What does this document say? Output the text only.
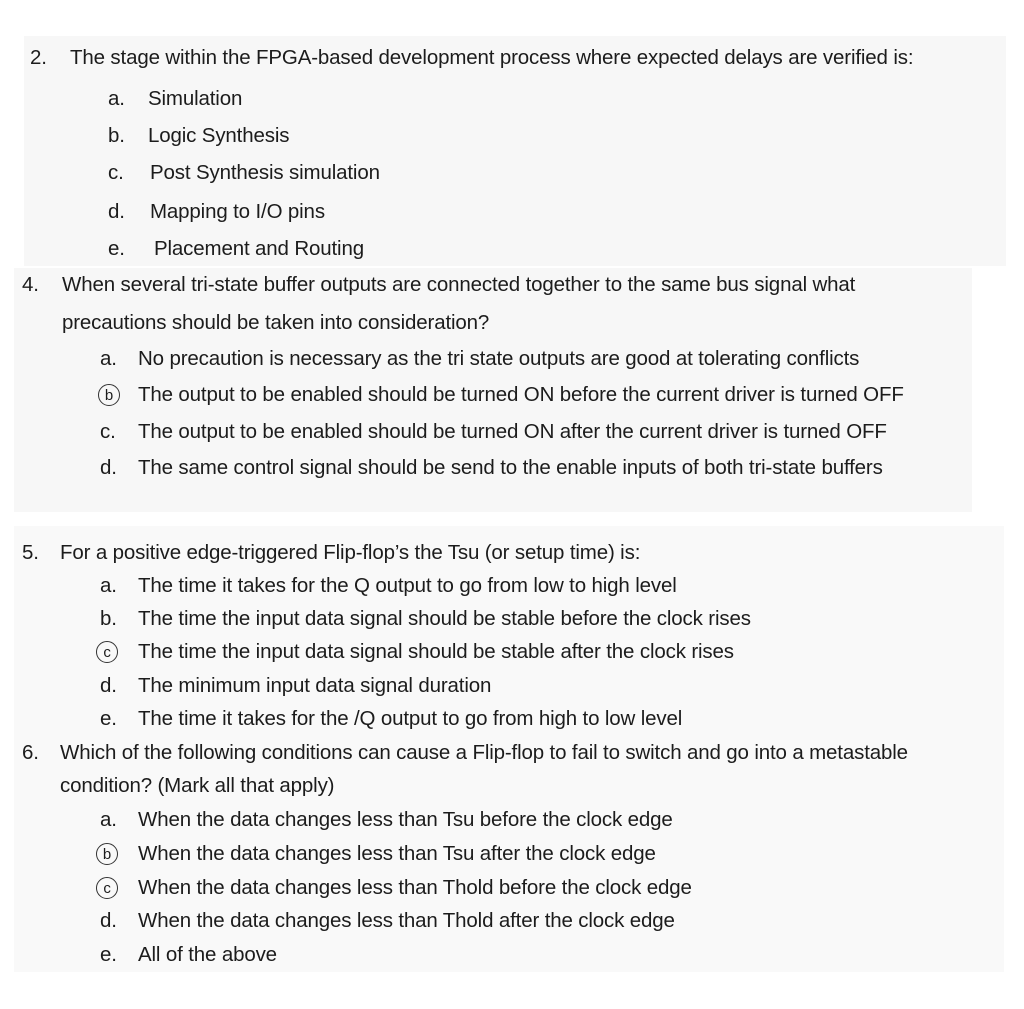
2. The stage within the FPGA-based development process where expected delays are verified is:
a. Simulation
b. Logic Synthesis
c. Post Synthesis simulation
d. Mapping to I/O pins
e. Placement and Routing
4. When several tri-state buffer outputs are connected together to the same bus signal what
precautions should be taken into consideration?
a. No precaution is necessary as the tri state outputs are good at tolerating conflicts
b	The output to be enabled should be turned ON before the current driver is turned OFF
c. The output to be enabled should be turned ON after the current driver is turned OFF
d. The same control signal should be send to the enable inputs of both tri-state buffers
5. For a positive edge-triggered Flip-flop’s the Tsu (or setup time) is:
a. The time it takes for the Q output to go from low to high level
b. The time the input data signal should be stable before the clock rises
c	The time the input data signal should be stable after the clock rises
d. The minimum input data signal duration
e. The time it takes for the /Q output to go from high to low level
6. Which of the following conditions can cause a Flip-flop to fail to switch and go into a metastable
condition? (Mark all that apply)
a. When the data changes less than Tsu before the clock edge
b	When the data changes less than Tsu after the clock edge
c	When the data changes less than Thold before the clock edge
d. When the data changes less than Thold after the clock edge
e. All of the above
